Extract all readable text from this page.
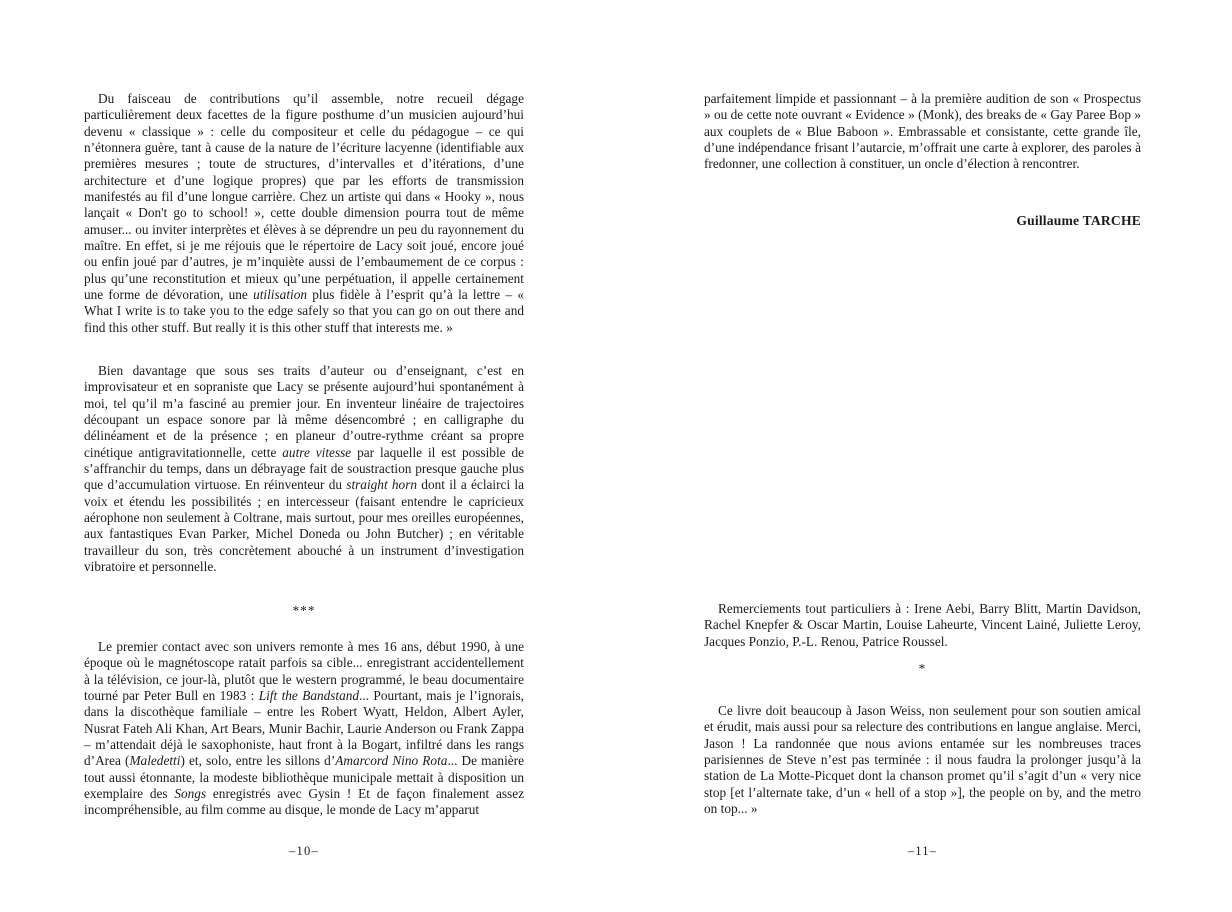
Du faisceau de contributions qu’il assemble, notre recueil dégage particulièrement deux facettes de la figure posthume d’un musicien aujourd’hui devenu « classique » : celle du compositeur et celle du pédagogue – ce qui n’étonnera guère, tant à cause de la nature de l’écriture lacyenne (identifiable aux premières mesures ; toute de structures, d’intervalles et d’itérations, d’une architecture et d’une logique propres) que par les efforts de transmission manifestés au fil d’une longue carrière. Chez un artiste qui dans « Hooky », nous lançait « Don't go to school! », cette double dimension pourra tout de même amuser... ou inviter interprètes et élèves à se déprendre un peu du rayonnement du maître. En effet, si je me réjouis que le répertoire de Lacy soit joué, encore joué ou enfin joué par d’autres, je m’inquiète aussi de l’embaumement de ce corpus : plus qu’une reconstitution et mieux qu’une perpétuation, il appelle certainement une forme de dévoration, une utilisation plus fidèle à l’esprit qu’à la lettre – « What I write is to take you to the edge safely so that you can go on out there and find this other stuff. But really it is this other stuff that interests me. »

Bien davantage que sous ses traits d’auteur ou d’enseignant, c’est en improvisateur et en sopraniste que Lacy se présente aujourd’hui spontanément à moi, tel qu’il m’a fasciné au premier jour. En inventeur linéaire de trajectoires découpant un espace sonore par là même désencombré ; en calligraphe du délinéament et de la présence ; en planeur d’outre-rythme créant sa propre cinétique antigravitationnelle, cette autre vitesse par laquelle il est possible de s’affranchir du temps, dans un débrayage fait de soustraction presque gauche plus que d’accumulation virtuose. En réinventeur du straight horn dont il a éclairci la voix et étendu les possibilités ; en intercesseur (faisant entendre le capricieux aérophone non seulement à Coltrane, mais surtout, pour mes oreilles européennes, aux fantastiques Evan Parker, Michel Doneda ou John Butcher) ; en véritable travailleur du son, très concrètement abouché à un instrument d’investigation vibratoire et personnelle.

***

Le premier contact avec son univers remonte à mes 16 ans, début 1990, à une époque où le magnétoscope ratait parfois sa cible... enregistrant accidentellement à la télévision, ce jour-là, plutôt que le western programmé, le beau documentaire tourné par Peter Bull en 1983 : Lift the Bandstand... Pourtant, mais je l’ignorais, dans la discothèque familiale – entre les Robert Wyatt, Heldon, Albert Ayler, Nusrat Fateh Ali Khan, Art Bears, Munir Bachir, Laurie Anderson ou Frank Zappa – m’attendait déjà le saxophoniste, haut front à la Bogart, infiltré dans les rangs d’Area (Maledetti) et, solo, entre les sillons d’Amarcord Nino Rota... De manière tout aussi étonnante, la modeste bibliothèque municipale mettait à disposition un exemplaire des Songs enregistrés avec Gysin ! Et de façon finalement assez incompréhensible, au film comme au disque, le monde de Lacy m’apparut

–10–

parfaitement limpide et passionnant – à la première audition de son « Prospectus » ou de cette note ouvrant « Evidence » (Monk), des breaks de « Gay Paree Bop » aux couplets de « Blue Baboon ». Embrassable et consistante, cette grande île, d’une indépendance frisant l’autarcie, m’offrait une carte à explorer, des paroles à fredonner, une collection à constituer, un oncle d’élection à rencontrer.

Guillaume TARCHE

Remerciements tout particuliers à : Irene Aebi, Barry Blitt, Martin Davidson, Rachel Knepfer & Oscar Martin, Louise Laheurte, Vincent Lainé, Juliette Leroy, Jacques Ponzio, P.-L. Renou, Patrice Roussel.

*

Ce livre doit beaucoup à Jason Weiss, non seulement pour son soutien amical et érudit, mais aussi pour sa relecture des contributions en langue anglaise. Merci, Jason ! La randonnée que nous avions entamée sur les nombreuses traces parisiennes de Steve n’est pas terminée : il nous faudra la prolonger jusqu’à la station de La Motte-Picquet dont la chanson promet qu’il s’agit d’un « very nice stop [et l’alternate take, d’un « hell of a stop »], the people on by, and the metro on top... »

–11–
